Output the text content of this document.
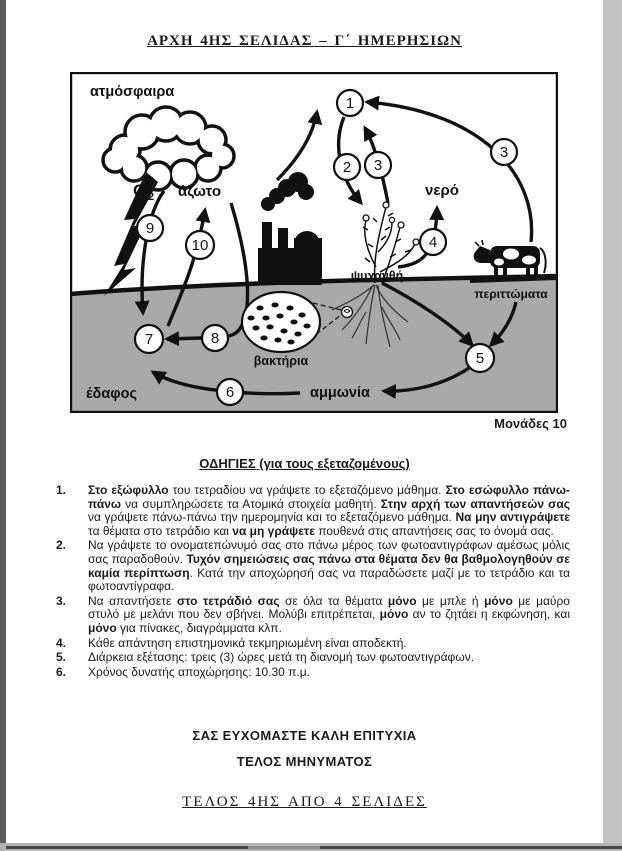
ΑΡΧΗ 4ΗΣ ΣΕΛΙΔΑΣ – Γ΄ ΗΜΕΡΗΣΙΩΝ
ατμόσφαιρα
O 2 άζωτο	νερό
ψυχανθή
περιττώματα
βακτήρια
αμμωνία
έδαφος
1
2 3
3
4
5
6
7	8
9
10
Μονάδες 10
ΟΔΗΓΙΕΣ (για τους εξεταζομένους)
1.	Στο εξώφυλλο του τετραδίου να γράψετε το εξεταζόμενο μάθημα. Στο εσώφυλλο πάνω-πάνω να συμπληρώσετε τα Ατομικά στοιχεία μαθητή. Στην αρχή των απαντήσεών σας να γράψετε πάνω-πάνω την ημερομηνία και το εξεταζόμενο μάθημα. Να μην αντιγράψετε τα θέματα στο τετράδιο και να μη γράψετε πουθενά στις απαντήσεις σας το όνομά σας.
2.	Να γράψετε το ονοματεπώνυμό σας στο πάνω μέρος των φωτοαντιγράφων αμέσως μόλις σας παραδοθούν. Τυχόν σημειώσεις σας πάνω στα θέματα δεν θα βαθμολογηθούν σε καμία περίπτωση. Κατά την αποχώρησή σας να παραδώσετε μαζί με το τετράδιο και τα φωτοαντίγραφα.
3.	Να απαντήσετε στο τετράδιό σας σε όλα τα θέματα μόνο με μπλε ή μόνο με μαύρο στυλό με μελάνι που δεν σβήνει. Μολύβι επιτρέπεται, μόνο αν το ζητάει η εκφώνηση, και μόνο για πίνακες, διαγράμματα κλπ.
4.	Κάθε απάντηση επιστημονικά τεκμηριωμένη είναι αποδεκτή.
5.	Διάρκεια εξέτασης: τρεις (3) ώρες μετά τη διανομή των φωτοαντιγράφων.
6.	Χρόνος δυνατής αποχώρησης: 10.30 π.μ.
ΣΑΣ ΕΥΧΟΜΑΣΤΕ ΚΑΛΗ ΕΠΙΤΥΧΙΑ
ΤΕΛΟΣ ΜΗΝΥΜΑΤΟΣ
ΤΕΛΟΣ 4ΗΣ ΑΠΟ 4 ΣΕΛΙΔΕΣ
